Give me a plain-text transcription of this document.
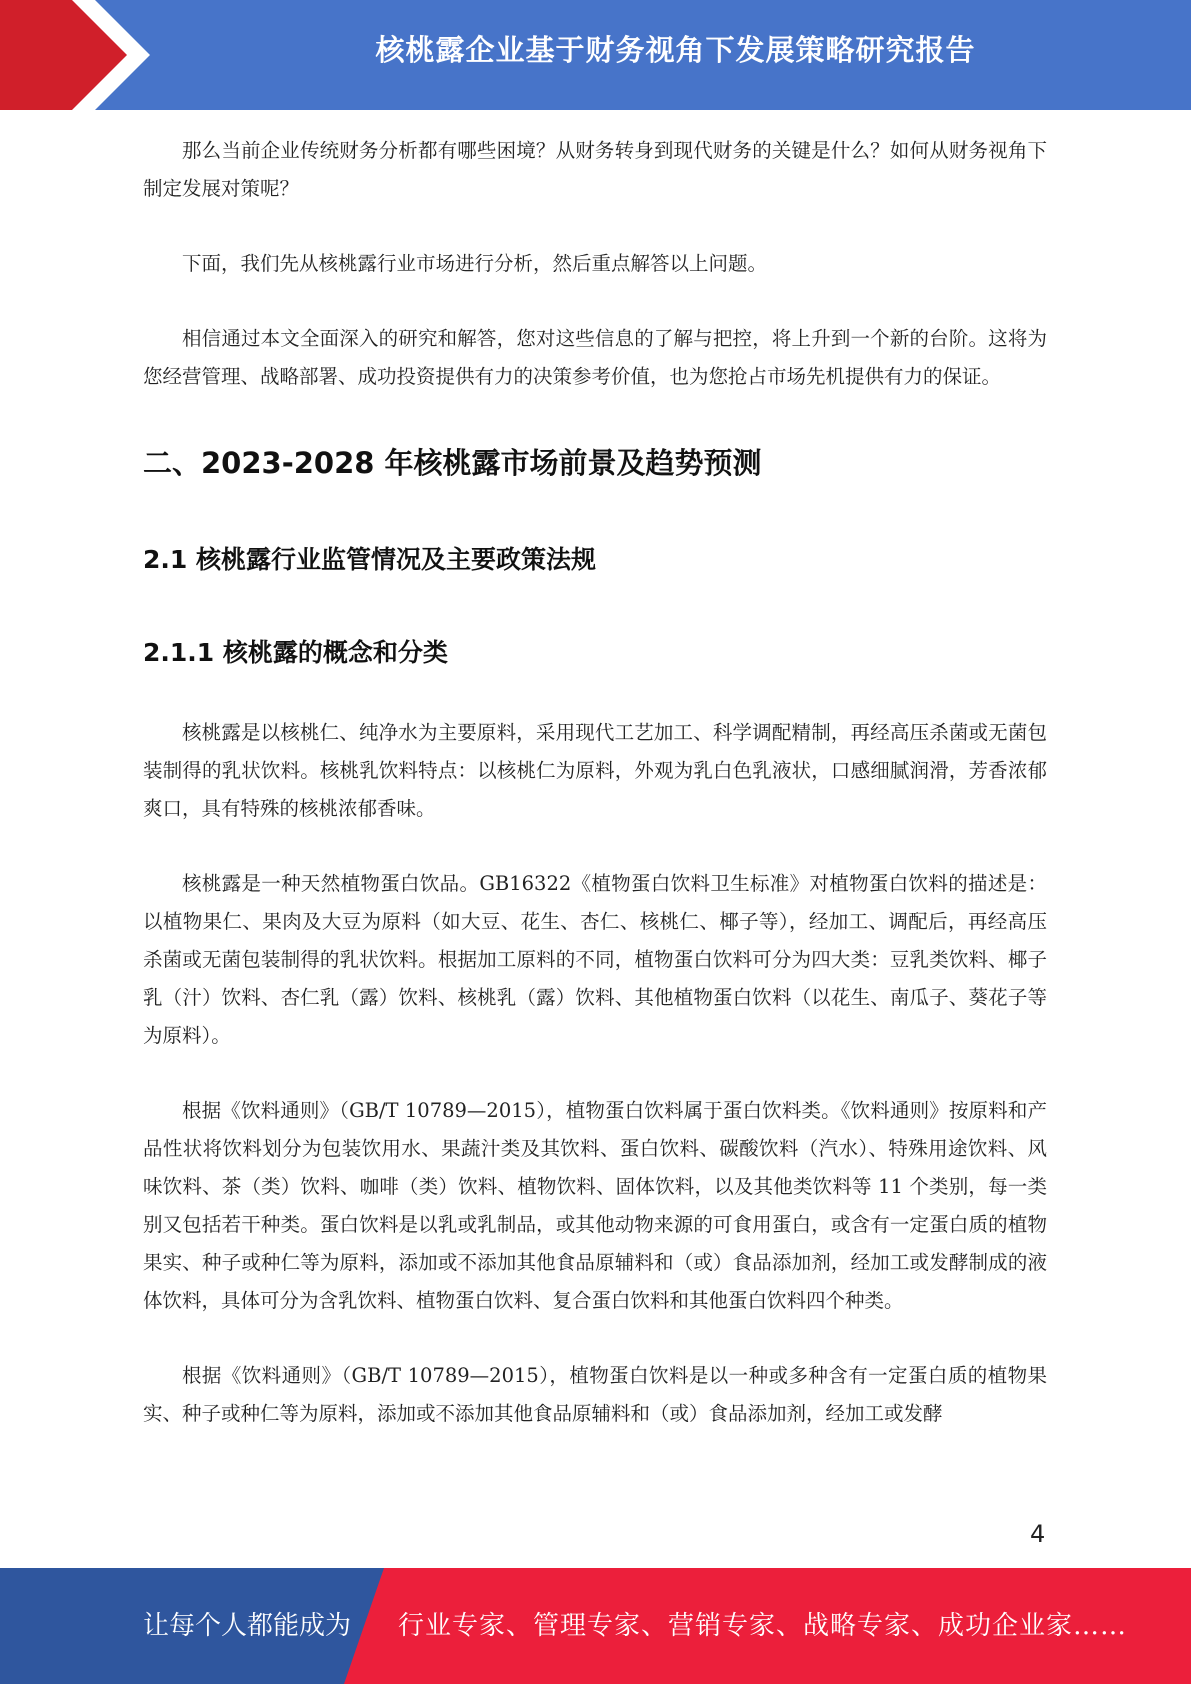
核桃露企业基于财务视角下发展策略研究报告

那么当前企业传统财务分析都有哪些困境？从财务转身到现代财务的关键是什么？如何从财务视角下制定发展对策呢？

下面，我们先从核桃露行业市场进行分析，然后重点解答以上问题。

相信通过本文全面深入的研究和解答，您对这些信息的了解与把控，将上升到一个新的台阶。这将为您经营管理、战略部署、成功投资提供有力的决策参考价值，也为您抢占市场先机提供有力的保证。

二、2023-2028 年核桃露市场前景及趋势预测
2.1 核桃露行业监管情况及主要政策法规
2.1.1 核桃露的概念和分类

核桃露是以核桃仁、纯净水为主要原料，采用现代工艺加工、科学调配精制，再经高压杀菌或无菌包装制得的乳状饮料。核桃乳饮料特点：以核桃仁为原料，外观为乳白色乳液状，口感细腻润滑，芳香浓郁爽口，具有特殊的核桃浓郁香味。

核桃露是一种天然植物蛋白饮品。GB16322《植物蛋白饮料卫生标准》对植物蛋白饮料的描述是：以植物果仁、果肉及大豆为原料（如大豆、花生、杏仁、核桃仁、椰子等），经加工、调配后，再经高压杀菌或无菌包装制得的乳状饮料。根据加工原料的不同，植物蛋白饮料可分为四大类：豆乳类饮料、椰子乳（汁）饮料、杏仁乳（露）饮料、核桃乳（露）饮料、其他植物蛋白饮料（以花生、南瓜子、葵花子等为原料）。

根据《饮料通则》（GB/T 10789—2015），植物蛋白饮料属于蛋白饮料类。《饮料通则》按原料和产品性状将饮料划分为包装饮用水、果蔬汁类及其饮料、蛋白饮料、碳酸饮料（汽水）、特殊用途饮料、风味饮料、茶（类）饮料、咖啡（类）饮料、植物饮料、固体饮料，以及其他类饮料等 11 个类别，每一类别又包括若干种类。蛋白饮料是以乳或乳制品，或其他动物来源的可食用蛋白，或含有一定蛋白质的植物果实、种子或种仁等为原料，添加或不添加其他食品原辅料和（或）食品添加剂，经加工或发酵制成的液体饮料，具体可分为含乳饮料、植物蛋白饮料、复合蛋白饮料和其他蛋白饮料四个种类。

根据《饮料通则》（GB/T 10789—2015），植物蛋白饮料是以一种或多种含有一定蛋白质的植物果实、种子或种仁等为原料，添加或不添加其他食品原辅料和（或）食品添加剂，经加工或发酵

4
让每个人都能成为 行业专家、管理专家、营销专家、战略专家、成功企业家……
